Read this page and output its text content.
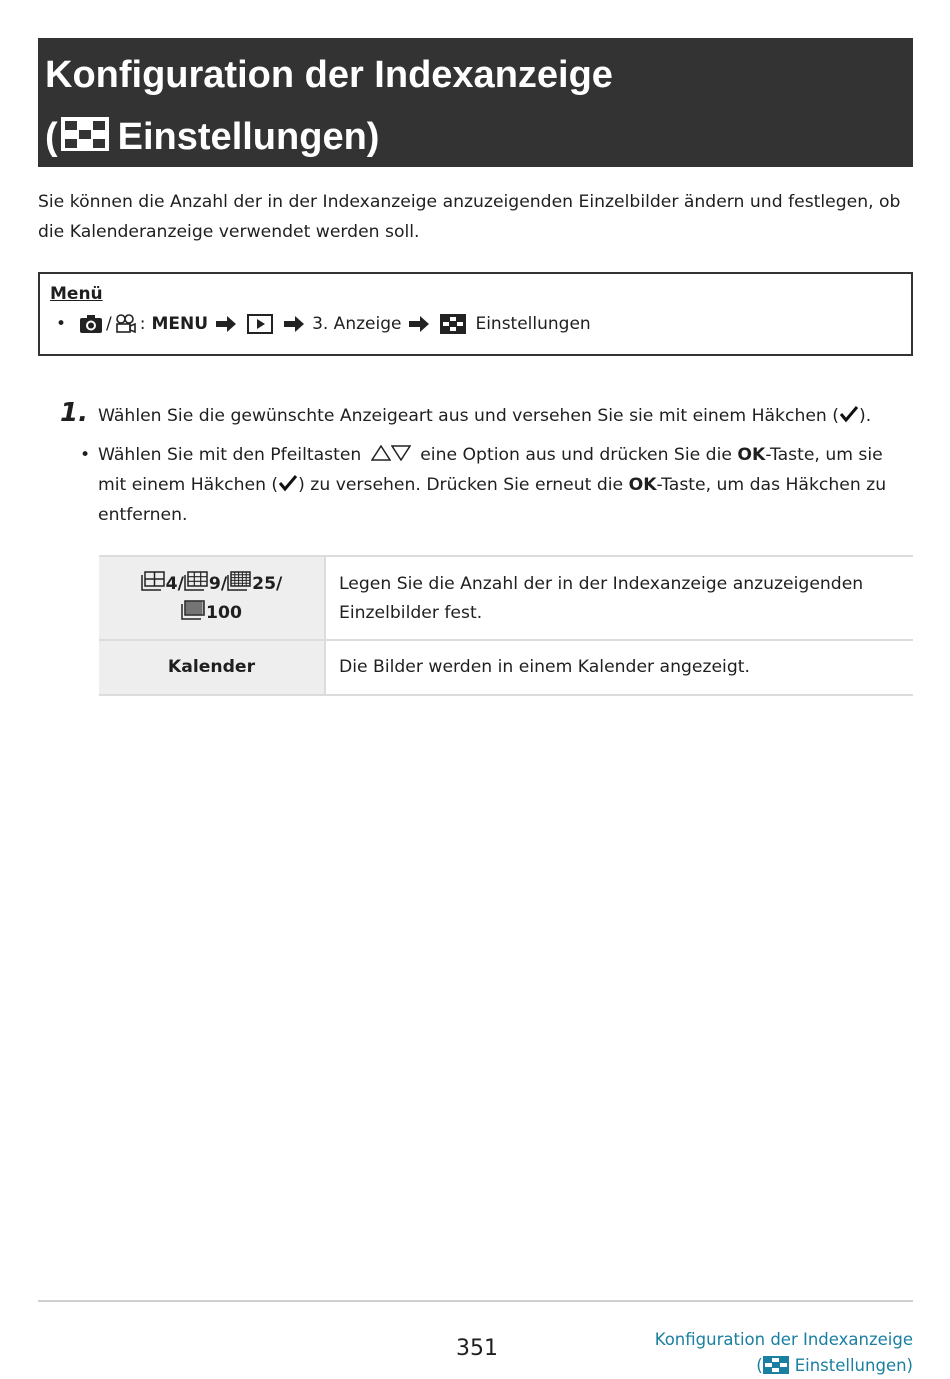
Konfiguration der Indexanzeige
( Einstellungen)

Sie können die Anzahl der in der Indexanzeige anzuzeigenden Einzelbilder ändern und festlegen, ob die Kalenderanzeige verwendet werden soll.

Menü
• / : MENU	3. Anzeige	Einstellungen
1. Wählen Sie die gewünschte Anzeigeart aus und versehen Sie sie mit einem Häkchen ( ).
• Wählen Sie mit den Pfeiltasten	eine Option aus und drücken Sie die OK-Taste, um sie mit einem Häkchen ( ) zu versehen. Drücken Sie erneut die OK-Taste, um das Häkchen zu entfernen.
4/ 9/ 25/
100	Legen Sie die Anzahl der in der Indexanzeige anzuzeigenden Einzelbilder fest.
Kalender	Die Bilder werden in einem Kalender angezeigt.
351	Konfiguration der Indexanzeige
( Einstellungen)
